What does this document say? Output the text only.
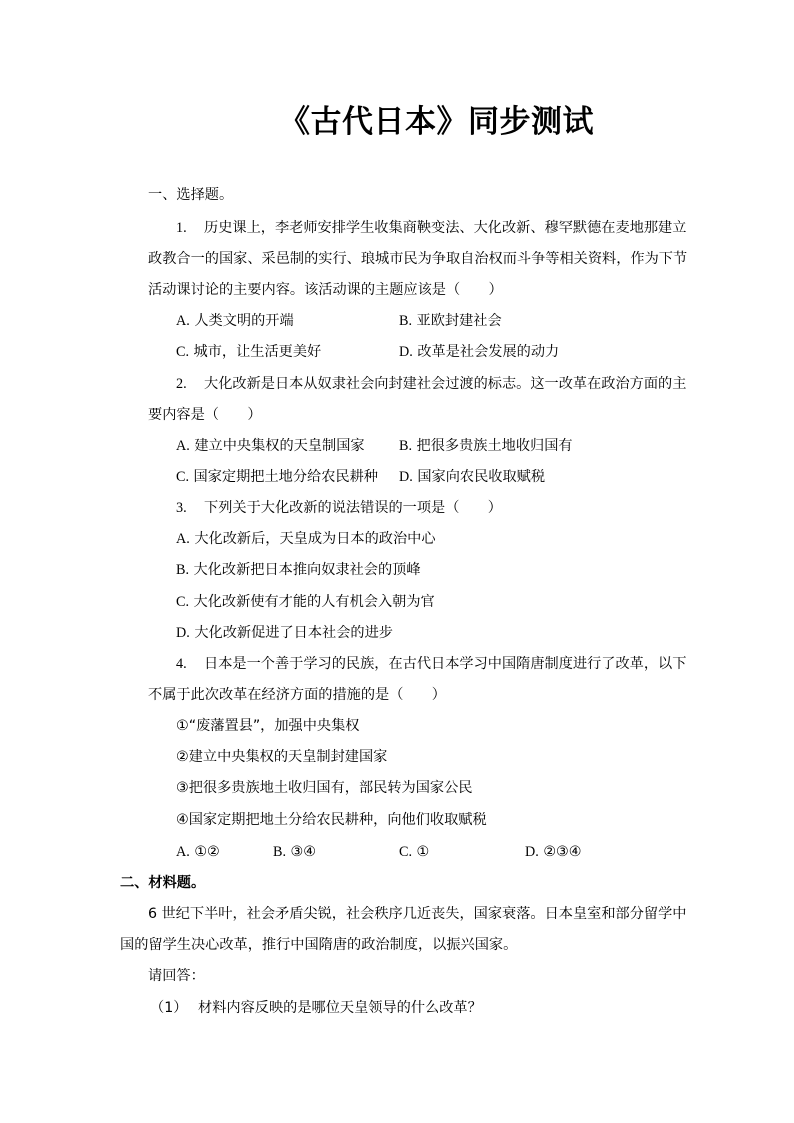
《古代日本》同步测试
一、选择题。
1. 历史课上，李老师安排学生收集商鞅变法、大化改新、穆罕默德在麦地那建立
政教合一的国家、采邑制的实行、琅城市民为争取自治权而斗争等相关资料，作为下节
活动课讨论的主要内容。该活动课的主题应该是（　　）
A. 人类文明的开端	B. 亚欧封建社会
C. 城市，让生活更美好	D. 改革是社会发展的动力
2. 大化改新是日本从奴隶社会向封建社会过渡的标志。这一改革在政治方面的主
要内容是（　　）
A. 建立中央集权的天皇制国家 B. 把很多贵族土地收归国有
C. 国家定期把土地分给农民耕种 D. 国家向农民收取赋税
3. 下列关于大化改新的说法错误的一项是（　　）
A. 大化改新后，天皇成为日本的政治中心
B. 大化改新把日本推向奴隶社会的顶峰
C. 大化改新使有才能的人有机会入朝为官
D. 大化改新促进了日本社会的进步
4. 日本是一个善于学习的民族，在古代日本学习中国隋唐制度进行了改革，以下
不属于此次改革在经济方面的措施的是（　　）
①“废藩置县”，加强中央集权
②建立中央集权的天皇制封建国家
③把很多贵族地土收归国有，部民转为国家公民
④国家定期把地土分给农民耕种，向他们收取赋税
A. ①②	B. ③④	C. ①	D. ②③④
二、材料题。
6 世纪下半叶，社会矛盾尖锐，社会秩序几近丧失，国家衰落。日本皇室和部分留学中
国的留学生决心改革，推行中国隋唐的政治制度，以振兴国家。
请回答：
（1） 材料内容反映的是哪位天皇领导的什么改革？
